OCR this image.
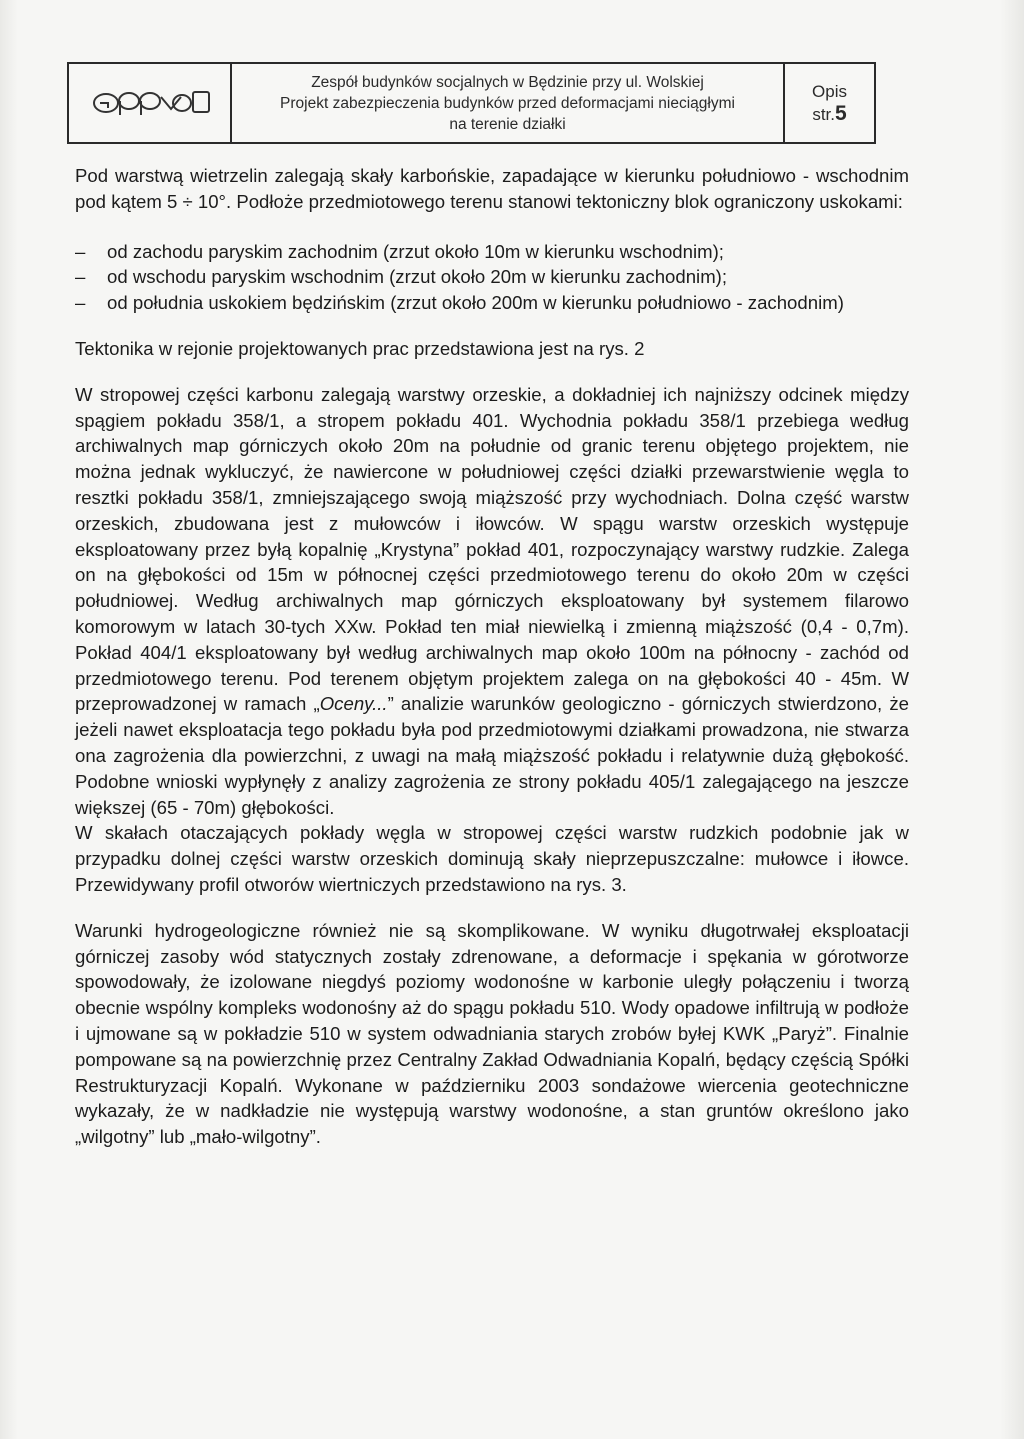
Zespół budynków socjalnych w Będzinie przy ul. Wolskiej
Projekt zabezpieczenia budynków przed deformacjami nieciągłymi
na terenie działki
Opis
str.5

Pod warstwą wietrzelin zalegają skały karbońskie, zapadające w kierunku południowo - wschodnim pod kątem 5 ÷ 10°. Podłoże przedmiotowego terenu stanowi tektoniczny blok ograniczony uskokami:

– od zachodu paryskim zachodnim (zrzut około 10m w kierunku wschodnim);
– od wschodu paryskim wschodnim (zrzut około 20m w kierunku zachodnim);
– od południa uskokiem będzińskim (zrzut około 200m w kierunku południowo - zachodnim)

Tektonika w rejonie projektowanych prac przedstawiona jest na rys. 2

W stropowej części karbonu zalegają warstwy orzeskie, a dokładniej ich najniższy odcinek między spągiem pokładu 358/1, a stropem pokładu 401. Wychodnia pokładu 358/1 przebiega według archiwalnych map górniczych około 20m na południe od granic terenu objętego projektem, nie można jednak wykluczyć, że nawiercone w południowej części działki przewarstwienie węgla to resztki pokładu 358/1, zmniejszającego swoją miąższość przy wychodniach. Dolna część warstw orzeskich, zbudowana jest z mułowców i iłowców. W spągu warstw orzeskich występuje eksploatowany przez byłą kopalnię „Krystyna” pokład 401, rozpoczynający warstwy rudzkie. Zalega on na głębokości od 15m w północnej części przedmiotowego terenu do około 20m w części południowej. Według archiwalnych map górniczych eksploatowany był systemem filarowo komorowym w latach 30-tych XXw. Pokład ten miał niewielką i zmienną miąższość (0,4 - 0,7m). Pokład 404/1 eksploatowany był według archiwalnych map około 100m na północny - zachód od przedmiotowego terenu. Pod terenem objętym projektem zalega on na głębokości 40 - 45m. W przeprowadzonej w ramach „Oceny...” analizie warunków geologiczno - górniczych stwierdzono, że jeżeli nawet eksploatacja tego pokładu była pod przedmiotowymi działkami prowadzona, nie stwarza ona zagrożenia dla powierzchni, z uwagi na małą miąższość pokładu i relatywnie dużą głębokość. Podobne wnioski wypłynęły z analizy zagrożenia ze strony pokładu 405/1 zalegającego na jeszcze większej (65 - 70m) głębokości.

W skałach otaczających pokłady węgla w stropowej części warstw rudzkich podobnie jak w przypadku dolnej części warstw orzeskich dominują skały nieprzepuszczalne: mułowce i iłowce. Przewidywany profil otworów wiertniczych przedstawiono na rys. 3.

Warunki hydrogeologiczne również nie są skomplikowane. W wyniku długotrwałej eksploatacji górniczej zasoby wód statycznych zostały zdrenowane, a deformacje i spękania w górotworze spowodowały, że izolowane niegdyś poziomy wodonośne w karbonie uległy połączeniu i tworzą obecnie wspólny kompleks wodonośny aż do spągu pokładu 510. Wody opadowe infiltrują w podłoże i ujmowane są w pokładzie 510 w system odwadniania starych zrobów byłej KWK „Paryż”. Finalnie pompowane są na powierzchnię przez Centralny Zakład Odwadniania Kopalń, będący częścią Spółki Restrukturyzacji Kopalń. Wykonane w październiku 2003 sondażowe wiercenia geotechniczne wykazały, że w nadkładzie nie występują warstwy wodonośne, a stan gruntów określono jako „wilgotny” lub „mało-wilgotny”.
